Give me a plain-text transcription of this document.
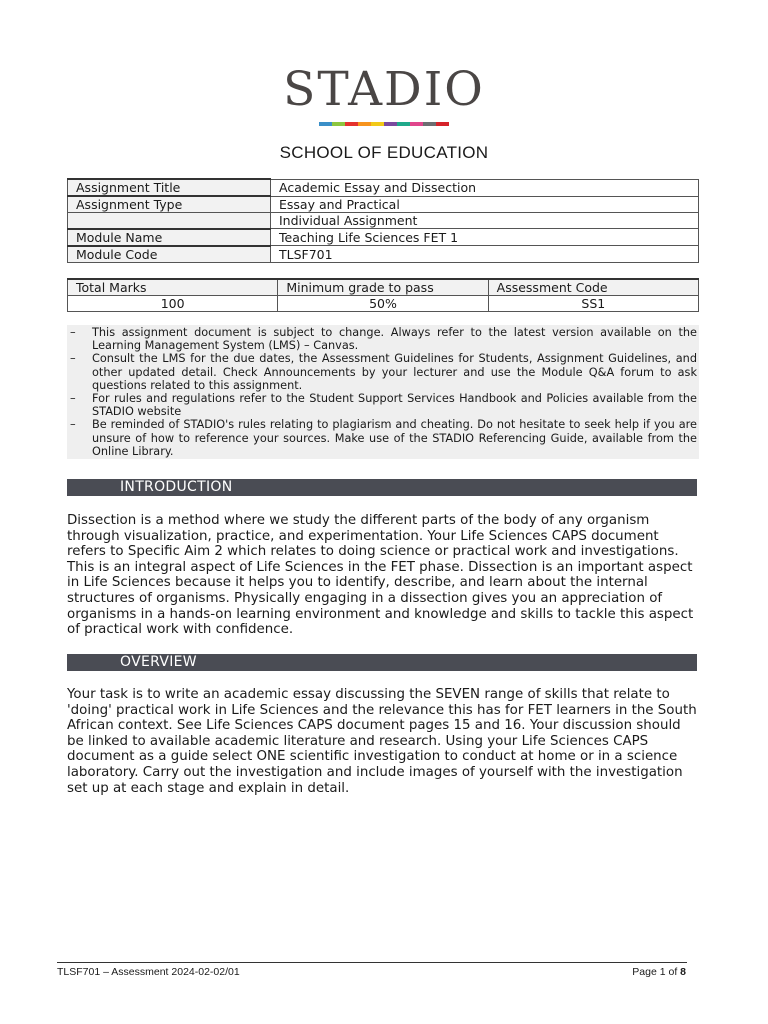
STADIO
SCHOOL OF EDUCATION
Assignment Title	Academic Essay and Dissection
Assignment Type	Essay and Practical
	Individual Assignment
Module Name	Teaching Life Sciences FET 1
Module Code	TLSF701
Total Marks	Minimum grade to pass	Assessment Code
100	50%	SS1
–	This assignment document is subject to change. Always refer to the latest version available on the Learning Management System (LMS) – Canvas.
–	Consult the LMS for the due dates, the Assessment Guidelines for Students, Assignment Guidelines, and other updated detail. Check Announcements by your lecturer and use the Module Q&A forum to ask questions related to this assignment.
–	For rules and regulations refer to the Student Support Services Handbook and Policies available from the STADIO website
–	Be reminded of STADIO's rules relating to plagiarism and cheating. Do not hesitate to seek help if you are unsure of how to reference your sources. Make use of the STADIO Referencing Guide, available from the Online Library.
INTRODUCTION
Dissection is a method where we study the different parts of the body of any organism through visualization, practice, and experimentation. Your Life Sciences CAPS document refers to Specific Aim 2 which relates to doing science or practical work and investigations. This is an integral aspect of Life Sciences in the FET phase. Dissection is an important aspect in Life Sciences because it helps you to identify, describe, and learn about the internal structures of organisms. Physically engaging in a dissection gives you an appreciation of organisms in a hands-on learning environment and knowledge and skills to tackle this aspect of practical work with confidence.
OVERVIEW
Your task is to write an academic essay discussing the SEVEN range of skills that relate to 'doing' practical work in Life Sciences and the relevance this has for FET learners in the South African context. See Life Sciences CAPS document pages 15 and 16. Your discussion should be linked to available academic literature and research. Using your Life Sciences CAPS document as a guide select ONE scientific investigation to conduct at home or in a science laboratory. Carry out the investigation and include images of yourself with the investigation set up at each stage and explain in detail.
TLSF701 – Assessment 2024-02-02/01	Page 1 of 8
